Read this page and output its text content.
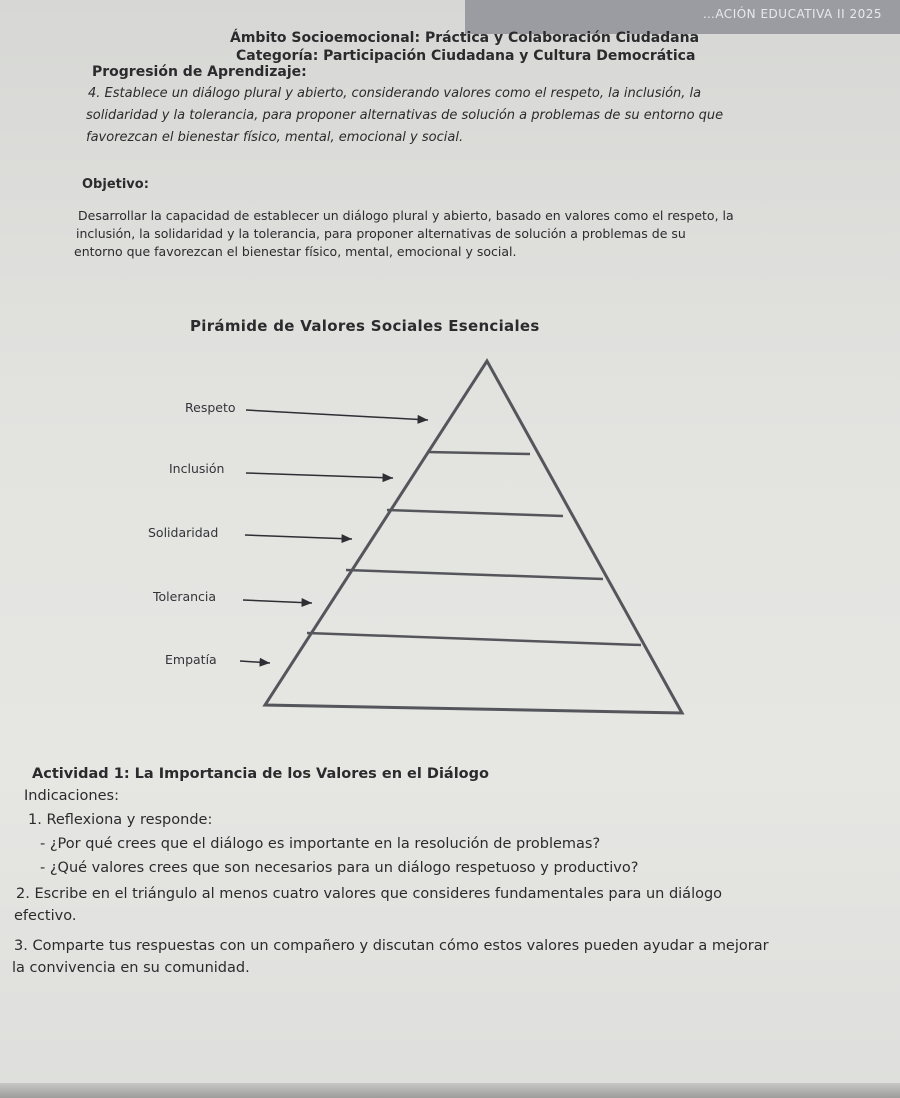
…ACIÓN EDUCATIVA II 2025
Ámbito Socioemocional: Práctica y Colaboración Ciudadana
Categoría: Participación Ciudadana y Cultura Democrática
Progresión de Aprendizaje:
4. Establece un diálogo plural y abierto, considerando valores como el respeto, la inclusión, la
solidaridad y la tolerancia, para proponer alternativas de solución a problemas de su entorno que
favorezcan el bienestar físico, mental, emocional y social.
Objetivo:
Desarrollar la capacidad de establecer un diálogo plural y abierto, basado en valores como el respeto, la
inclusión, la solidaridad y la tolerancia, para proponer alternativas de solución a problemas de su
entorno que favorezcan el bienestar físico, mental, emocional y social.
Pirámide de Valores Sociales Esenciales
Respeto
Inclusión
Solidaridad
Tolerancia
Empatía
Actividad 1: La Importancia de los Valores en el Diálogo
Indicaciones:
1. Reflexiona y responde:
- ¿Por qué crees que el diálogo es importante en la resolución de problemas?
- ¿Qué valores crees que son necesarios para un diálogo respetuoso y productivo?
2. Escribe en el triángulo al menos cuatro valores que consideres fundamentales para un diálogo
efectivo.
3. Comparte tus respuestas con un compañero y discutan cómo estos valores pueden ayudar a mejorar
la convivencia en su comunidad.
